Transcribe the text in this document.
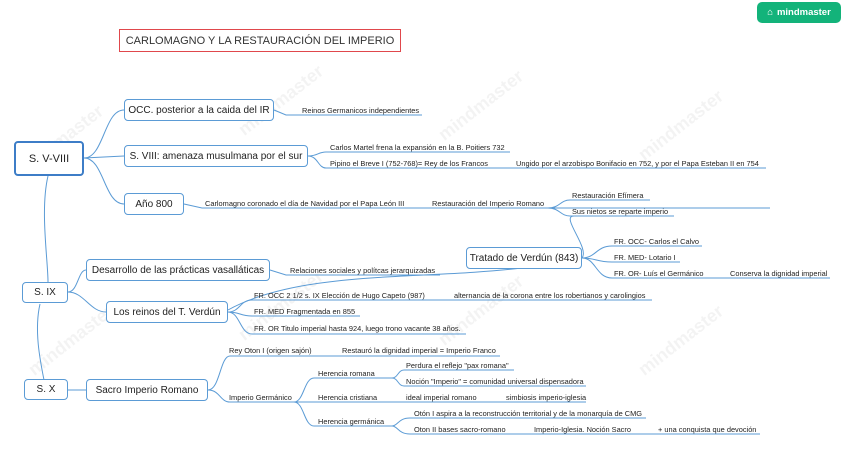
⌂ mindmaster
CARLOMAGNO Y LA RESTAURACIÓN DEL IMPERIO
S. V-VIII
S. IX
S. X
OCC. posterior a la caida del IR
S. VIII: amenaza musulmana por el sur
Año 800
Desarrollo de las prácticas vasalláticas
Los reinos del T. Verdún
Tratado de Verdún (843)
Sacro Imperio Romano
Reinos Germanicos independientes
Carlos Martel frena la expansión en la B. Poitiers 732
Pipino el Breve I (752-768)= Rey de los Francos	Ungido por el arzobispo Bonifacio en 752, y por el Papa Esteban II en 754
Carlomagno coronado el día de Navidad por el Papa León III	Restauración del Imperio Romano
Restauración Efímera
Sus nietos se reparte imperio
FR. OCC- Carlos el Calvo
FR. MED- Lotario I
FR. OR- Luís el Germánico	Conserva la dignidad imperial
Relaciones sociales y polítcas jerarquizadas
FR. OCC 2 1/2 s. IX Elección de Hugo Capeto (987)	alternancia de la corona entre los robertianos y carolingios
FR. MED Fragmentada en 855
FR. OR Titulo imperial hasta 924, luego trono vacante 38 años.
Rey Oton I (origen sajón)	Restauró la dignidad imperial = Imperio Franco
Imperio Germánico
Herencia romana
Perdura el reflejo "pax romana"
Noción "Imperio" = comunidad universal dispensadora
Herencia cristiana	ideal imperial romano	simbiosis imperio-iglesia
Herencia germánica
Otón I aspira a la reconstrucción territorial y de la monarquía de CMG
Oton II bases sacro-romano	Imperio-Iglesia. Noción Sacro	+ una conquista que devoción
